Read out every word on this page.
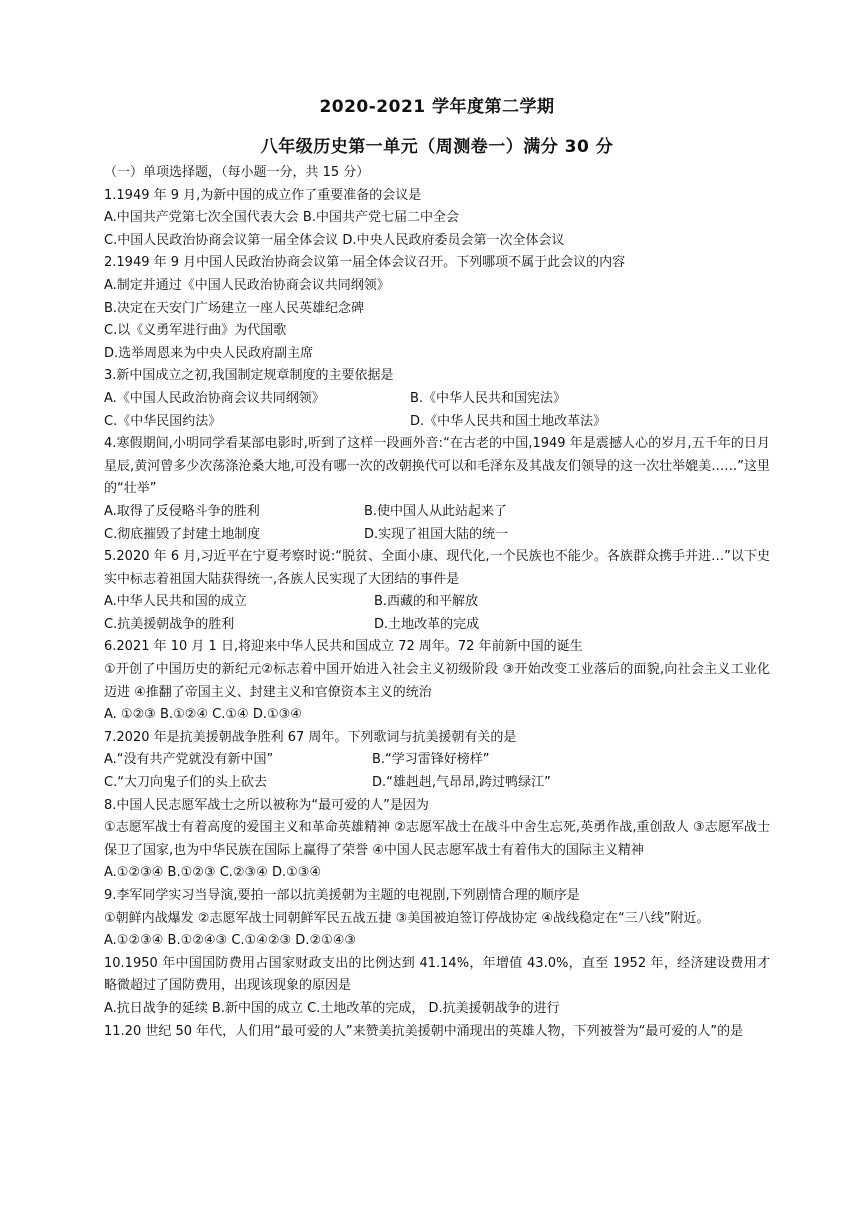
2020-2021 学年度第二学期
八年级历史第一单元（周测卷一）满分 30 分
（一）单项选择题，（每小题一分，共 15 分）
1.1949 年 9 月,为新中国的成立作了重要准备的会议是
A.中国共产党第七次全国代表大会 B.中国共产党七届二中全会
C.中国人民政治协商会议第一届全体会议 D.中央人民政府委员会第一次全体会议
2.1949 年 9 月中国人民政治协商会议第一届全体会议召开。下列哪项不属于此会议的内容
A.制定并通过《中国人民政治协商会议共同纲领》
B.决定在天安门广场建立一座人民英雄纪念碑
C.以《义勇军进行曲》为代国歌
D.选举周恩来为中央人民政府副主席
3.新中国成立之初,我国制定规章制度的主要依据是
A.《中国人民政治协商会议共同纲领》	B.《中华人民共和国宪法》
C.《中华民国约法》	D.《中华人民共和国土地改革法》
4.寒假期间,小明同学看某部电影时,听到了这样一段画外音:“在古老的中国,1949 年是震撼人心的岁月,五千年的日月星辰,黄河曾多少次荡涤沧桑大地,可没有哪一次的改朝换代可以和毛泽东及其战友们领导的这一次壮举媲美……”这里的“壮举”
A.取得了反侵略斗争的胜利	B.使中国人从此站起来了
C.彻底摧毁了封建土地制度	D.实现了祖国大陆的统一
5.2020 年 6 月,习近平在宁夏考察时说:“脱贫、全面小康、现代化,一个民族也不能少。各族群众携手并进…”以下史实中标志着祖国大陆获得统一,各族人民实现了大团结的事件是
A.中华人民共和国的成立	B.西藏的和平解放
C.抗美援朝战争的胜利	D.土地改革的完成
6.2021 年 10 月 1 日,将迎来中华人民共和国成立 72 周年。72 年前新中国的诞生
①开创了中国历史的新纪元②标志着中国开始进入社会主义初级阶段 ③开始改变工业落后的面貌,向社会主义工业化迈进 ④推翻了帝国主义、封建主义和官僚资本主义的统治
A. ①②③ B.①②④ C.①④ D.①③④
7.2020 年是抗美援朝战争胜利 67 周年。下列歌词与抗美援朝有关的是
A.“没有共产党就没有新中国”	B.“学习雷锋好榜样”
C.“大刀向鬼子们的头上砍去	D.“雄赳赳,气昂昂,跨过鸭绿江”
8.中国人民志愿军战士之所以被称为“最可爱的人”是因为
①志愿军战士有着高度的爱国主义和革命英雄精神 ②志愿军战士在战斗中舍生忘死,英勇作战,重创敌人 ③志愿军战士保卫了国家,也为中华民族在国际上赢得了荣誉 ④中国人民志愿军战士有着伟大的国际主义精神
A.①②③④ B.①②③ C.②③④ D.①③④
9.李军同学实习当导演,要拍一部以抗美援朝为主题的电视剧,下列剧情合理的顺序是
①朝鲜内战爆发 ②志愿军战士同朝鲜军民五战五捷 ③美国被迫签订停战协定 ④战线稳定在“三八线”附近。
A.①②③④ B.①②④③ C.①④②③ D.②①④③
10.1950 年中国国防费用占国家财政支出的比例达到 41.14%，年增值 43.0%，直至 1952 年，经济建设费用才略微超过了国防费用，出现该现象的原因是
A.抗日战争的延续 B.新中国的成立 C.土地改革的完成， D.抗美援朝战争的进行
11.20 世纪 50 年代，人们用“最可爱的人”来赞美抗美援朝中涌现出的英雄人物，下列被誉为“最可爱的人”的是
